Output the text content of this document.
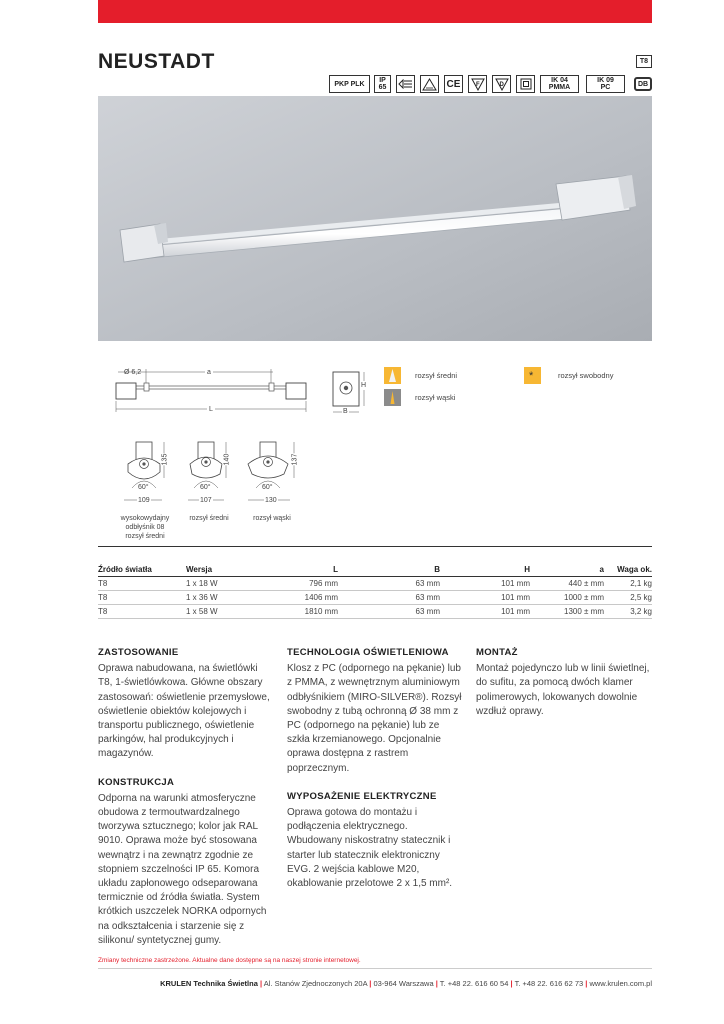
NEUSTADT	T8
PKP PLK IP
65	CE	F	D
IK 04
PMMA
IK 09
PC	DB
Ø 6,2	a
L
H
B
rozsył średni
rozsył wąski
*	rozsył swobodny
135	140	137
60°	60°	60°
109	107	130
wysokowydajny
odbłyśnik 08
rozsył średni
rozsył średni	rozsył wąski
Źródło światła	Wersja	L	B	H	a	Waga ok.
T8	1 x 18 W	796 mm	63 mm	101 mm	440 ± mm	2,1 kg
T8	1 x 36 W	1406 mm	63 mm	101 mm	1000 ± mm	2,5 kg
T8	1 x 58 W	1810 mm	63 mm	101 mm	1300 ± mm	3,2 kg
ZASTOSOWANIE

Oprawa nabudowana, na świetlówki T8, 1-świetlówkowa. Główne obszary zastosowań: oświetlenie przemysłowe, oświetlenie obiektów kolejowych i transportu publicznego, oświetlenie parkingów, hal produkcyjnych i magazynów.

KONSTRUKCJA

Odporna na warunki atmosferyczne obudowa z termoutwardzalnego tworzywa sztucznego; kolor jak RAL 9010. Oprawa może być stosowana wewnątrz i na zewnątrz zgodnie ze stopniem szczelności IP 65. Komora układu zapłonowego odseparowana termicznie od źródła światła. System krótkich uszczelek NORKA odpornych na odkształcenia i starzenie się z silikonu/ syntetycznej gumy.

TECHNOLOGIA OŚWIETLENIOWA

Klosz z PC (odpornego na pękanie) lub z PMMA, z wewnętrznym aluminiowym odbłyśnikiem (MIRO-SILVER®). Rozsył swobodny z tubą ochronną Ø 38 mm z PC (odpornego na pękanie) lub ze szkła krzemianowego. Opcjonalnie oprawa dostępna z rastrem poprzecznym.

WYPOSAŻENIE ELEKTRYCZNE

Oprawa gotowa do montażu i podłączenia elektrycznego. Wbudowany niskostratny statecznik i starter lub statecznik elektroniczny EVG. 2 wejścia kablowe M20, okablowanie przelotowe 2 x 1,5 mm².

MONTAŻ

Montaż pojedynczo lub w linii świetlnej, do sufitu, za pomocą dwóch klamer polimerowych, lokowanych dowolnie wzdłuż oprawy.

Zmiany techniczne zastrzeżone. Aktualne dane dostępne są na naszej stronie internetowej.
KRULEN Technika Świetlna | Al. Stanów Zjednoczonych 20A | 03-964 Warszawa | T. +48 22. 616 60 54 | T. +48 22. 616 62 73 | www.krulen.com.pl
